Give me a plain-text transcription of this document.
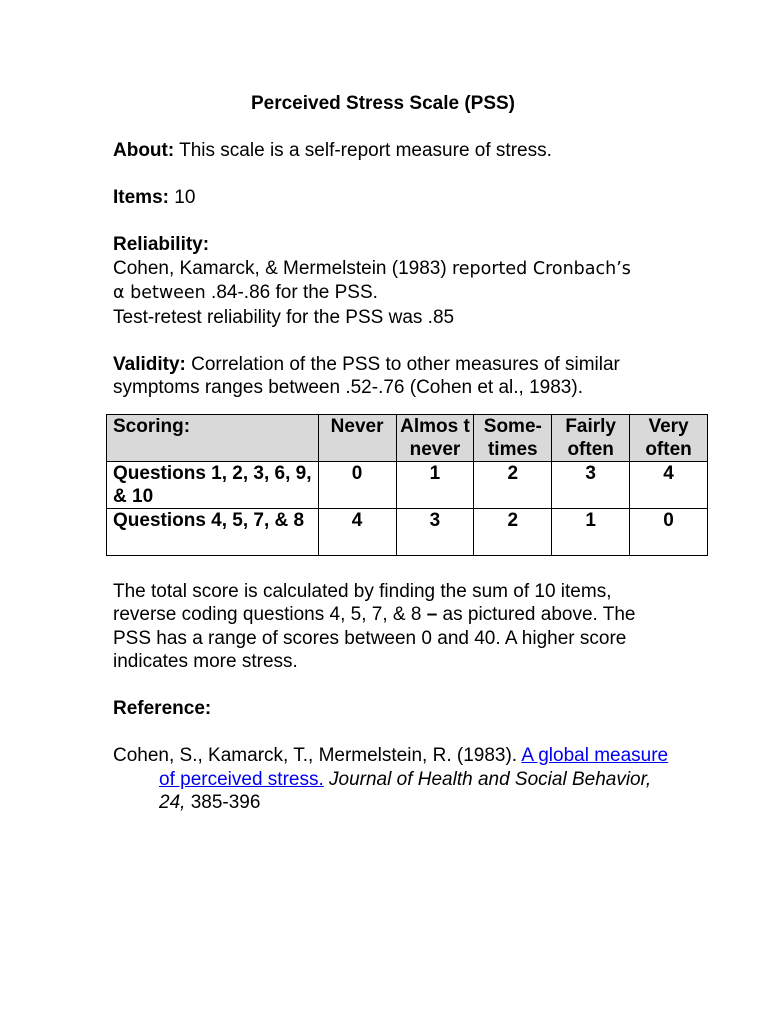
Perceived Stress Scale (PSS)

About: This scale is a self-report measure of stress.

Items: 10

Reliability:

Cohen, Kamarck, & Mermelstein (1983) reported Cronbach’s

α between .84-.86 for the PSS.

Test-retest reliability for the PSS was .85

Validity: Correlation of the PSS to other measures of similar symptoms ranges between .52-.76 (Cohen et al., 1983).

Scoring:	Never	Almos t never	Some- times	Fairly often	Very often
Questions 1, 2, 3, 6, 9, & 10	0	1	2	3	4
Questions 4, 5, 7, & 8	4	3	2	1	0

The total score is calculated by finding the sum of 10 items, reverse coding questions 4, 5, 7, & 8 – as pictured above. The PSS has a range of scores between 0 and 40. A higher score indicates more stress.

Reference:

Cohen, S., Kamarck, T., Mermelstein, R. (1983). A global measure of perceived stress. Journal of Health and Social Behavior, 24, 385-396
